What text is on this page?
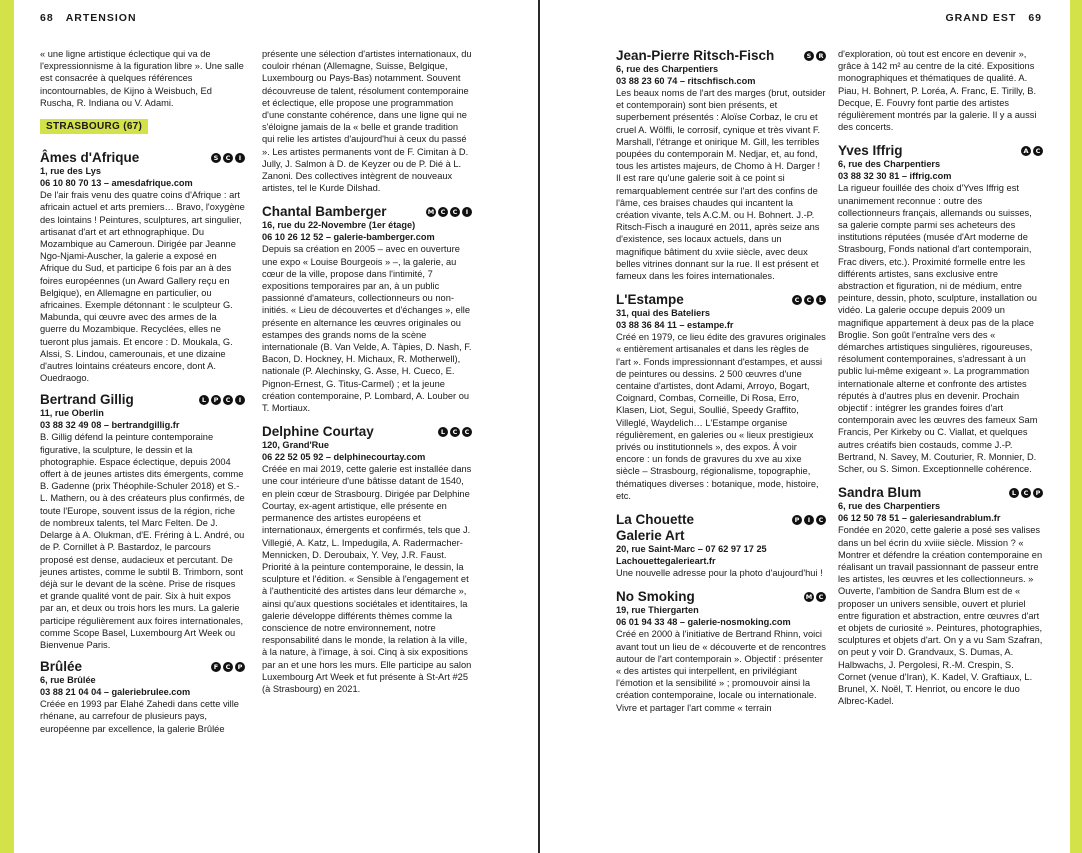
68 ARTENSION	GRAND EST 69

« une ligne artistique éclectique qui va de l'expressionnisme à la figuration libre ». Une salle est consacrée à quelques références incontournables, de Kijno à Weisbuch, Ed Ruscha, R. Indiana ou V. Adami.

STRASBOURG (67)
Âmes d'Afrique	S	C	I
1, rue des Lys
06 10 80 70 13 – amesdafrique.com

De l'air frais venu des quatre coins d'Afrique : art africain actuel et arts premiers… Bravo, l'oxygène des lointains ! Peintures, sculptures, art singulier, artisanat d'art et art ethnographique. Du Mozambique au Cameroun. Dirigée par Jeanne Ngo-Njami-Auscher, la galerie a exposé en Afrique du Sud, et participe 6 fois par an à des foires européennes (un Award Gallery reçu en Belgique), en Allemagne en particulier, ou africaines. Exemple détonnant : le sculpteur G. Mabunda, qui œuvre avec des armes de la guerre du Mozambique. Recyclées, elles ne tueront plus jamais. Et encore : D. Moukala, G. Alssi, S. Lindou, camerounais, et une dizaine d'autres lointains créateurs encore, dont A. Ouedraogo.

Bertrand Gillig	L	P	C	I
11, rue Oberlin
03 88 32 49 08 – bertrandgillig.fr

B. Gillig défend la peinture contemporaine figurative, la sculpture, le dessin et la photographie. Espace éclectique, depuis 2004 offert à de jeunes artistes dits émergents, comme B. Gadenne (prix Théophile-Schuler 2018) et S.-L. Mathern, ou à des créateurs plus confirmés, de toute l'Europe, souvent issus de la région, riche de nombreux talents, tel Marc Felten. De J. Delarge à A. Olukman, d'E. Fréring à L. André, ou de P. Cornillet à P. Bastardoz, le parcours proposé est dense, audacieux et percutant. De jeunes artistes, comme le subtil B. Trimborn, sont déjà sur le devant de la scène. Prise de risques et grande qualité vont de pair. Six à huit expos par an, et deux ou trois hors les murs. La galerie participe régulièrement aux foires internationales, comme Scope Basel, Luxembourg Art Week ou Bienvenue Paris.

Brûlée	F	C	P
6, rue Brûlée
03 88 21 04 04 – galeriebrulee.com

Créée en 1993 par Elahé Zahedi dans cette ville rhénane, au carrefour de plusieurs pays, européenne par excellence, la galerie Brûlée

présente une sélection d'artistes internationaux, du couloir rhénan (Allemagne, Suisse, Belgique, Luxembourg ou Pays-Bas) notamment. Souvent découvreuse de talent, résolument contemporaine et éclectique, elle propose une programmation d'une constante cohérence, dans une ligne qui ne s'éloigne jamais de la « belle et grande tradition qui relie les artistes d'aujourd'hui à ceux du passé ». Les artistes permanents vont de F. Cimitan à D. Jully, J. Salmon à D. de Keyzer ou de P. Dié à L. Zanoni. Des collectives intègrent de nouveaux artistes, tel le Kurde Dilshad.

Chantal Bamberger	M C	C	I
16, rue du 22-Novembre (1er étage)
06 10 26 12 52 – galerie-bamberger.com

Depuis sa création en 2005 – avec en ouverture une expo « Louise Bourgeois » –, la galerie, au cœur de la ville, propose dans l'intimité, 7 expositions temporaires par an, à un public passionné d'amateurs, collectionneurs ou non-initiés. « Lieu de découvertes et d'échanges », elle présente en alternance les œuvres originales ou estampes des grands noms de la scène internationale (B. Van Velde, A. Tàpies, D. Nash, F. Bacon, D. Hockney, H. Michaux, R. Motherwell), nationale (P. Alechinsky, G. Asse, H. Cueco, E. Pignon-Ernest, G. Titus-Carmel) ; et la jeune création contemporaine, P. Lombard, A. Louber ou T. Mortiaux.

Delphine Courtay	L	C	C
120, Grand'Rue
06 22 52 05 92 – delphinecourtay.com

Créée en mai 2019, cette galerie est installée dans une cour intérieure d'une bâtisse datant de 1540, en plein cœur de Strasbourg. Dirigée par Delphine Courtay, ex-agent artistique, elle présente en permanence des artistes européens et internationaux, émergents et confirmés, tels que J. Villegié, A. Katz, L. Impedugila, A. Radermacher-Mennicken, D. Deroubaix, Y. Vey, J.R. Faust. Priorité à la peinture contemporaine, le dessin, la sculpture et l'édition. « Sensible à l'engagement et à l'authenticité des artistes dans leur démarche », ainsi qu'aux questions sociétales et identitaires, la galerie développe différents thèmes comme la conscience de notre environnement, notre responsabilité dans le monde, la relation à la ville, à la nature, à l'image, à soi. Cinq à six expositions par an et une hors les murs. Elle participe au salon Luxembourg Art Week et fut présente à St-Art #25 (à Strasbourg) en 2021.

Jean-Pierre Ritsch-Fisch	S	R
6, rue des Charpentiers
03 88 23 60 74 – ritschfisch.com

Les beaux noms de l'art des marges (brut, outsider et contemporain) sont bien présents, et superbement présentés : Aloïse Corbaz, le cru et cruel A. Wölfli, le corrosif, cynique et très vivant F. Marshall, l'étrange et onirique M. Gill, les terribles poupées du contemporain M. Nedjar, et, au fond, tous les artistes majeurs, de Chomo à H. Darger ! Il est rare qu'une galerie soit à ce point si remarquablement centrée sur l'art des confins de l'âme, ces braises chaudes qui incantent la création vivante, tels A.C.M. ou H. Bohnert. J.-P. Ritsch-Fisch a inauguré en 2011, après seize ans d'existence, ses locaux actuels, dans un magnifique bâtiment du xviie siècle, avec deux belles vitrines donnant sur la rue. Il est présent et fameux dans les foires internationales.

L'Estampe	C	C	L
31, quai des Bateliers
03 88 36 84 11 – estampe.fr

Créé en 1979, ce lieu édite des gravures originales « entièrement artisanales et dans les règles de l'art ». Fonds impressionnant d'estampes, et aussi de peintures ou dessins. 2 500 œuvres d'une centaine d'artistes, dont Adami, Arroyo, Bogart, Coignard, Combas, Corneille, Di Rosa, Erro, Klasen, Liot, Segui, Soullié, Speedy Graffito, Villeglé, Waydelich… L'Estampe organise régulièrement, en galeries ou « lieux prestigieux privés ou institutionnels », des expos. À voir encore : un fonds de gravures du xve au xixe siècle – Strasbourg, régionalisme, topographie, thématiques diverses : botanique, mode, histoire, etc.

La Chouette
Galerie Art
P	I	C
20, rue Saint-Marc – 07 62 97 17 25
Lachouettegalerieart.fr

Une nouvelle adresse pour la photo d'aujourd'hui !

No Smoking	M C
19, rue Thiergarten
06 01 94 33 48 – galerie-nosmoking.com

Créé en 2000 à l'initiative de Bertrand Rhinn, voici avant tout un lieu de « découverte et de rencontres autour de l'art contemporain ». Objectif : présenter « des artistes qui interpellent, en privilégiant l'émotion et la sensibilité » ; promouvoir ainsi la création contemporaine, locale ou internationale. Vivre et partager l'art comme « terrain

d'exploration, où tout est encore en devenir », grâce à 142 m² au centre de la cité. Expositions monographiques et thématiques de qualité. A. Piau, H. Bohnert, P. Loréa, A. Franc, E. Tirilly, B. Decque, E. Fouvry font partie des artistes régulièrement montrés par la galerie. Il y a aussi des concerts.

Yves Iffrig	A	C
6, rue des Charpentiers
03 88 32 30 81 – iffrig.com

La rigueur fouillée des choix d'Yves Iffrig est unanimement reconnue : outre des collectionneurs français, allemands ou suisses, sa galerie compte parmi ses acheteurs des institutions réputées (musée d'Art moderne de Strasbourg, Fonds national d'art contemporain, Frac divers, etc.). Proximité formelle entre les différents artistes, sans exclusive entre abstraction et figuration, ni de médium, entre peinture, dessin, photo, sculpture, installation ou vidéo. La galerie occupe depuis 2009 un magnifique appartement à deux pas de la place Broglie. Son goût l'entraîne vers des « démarches artistiques singulières, rigoureuses, résolument contemporaines, s'adressant à un public lui-même exigeant ». La programmation internationale alterne et confronte des artistes réputés à d'autres plus en devenir. Prochain objectif : intégrer les grandes foires d'art contemporain avec les œuvres des fameux Sam Francis, Per Kirkeby ou C. Viallat, et quelques autres créatifs bien costauds, comme J.-P. Bertrand, N. Savey, M. Couturier, R. Monnier, D. Scher, ou S. Simon. Exceptionnelle cohérence.

Sandra Blum	L	C	P
6, rue des Charpentiers
06 12 50 78 51 – galeriesandrablum.fr

Fondée en 2020, cette galerie a posé ses valises dans un bel écrin du xviiie siècle. Mission ? « Montrer et défendre la création contemporaine en réalisant un travail passionnant de passeur entre les artistes, les œuvres et les collectionneurs. » Ouverte, l'ambition de Sandra Blum est de « proposer un univers sensible, ouvert et pluriel entre figuration et abstraction, entre œuvres d'art et objets de curiosité ». Peintures, photographies, sculptures et objets d'art. On y a vu Sam Szafran, on peut y voir D. Grandvaux, S. Dumas, A. Halbwachs, J. Pergolesi, R.-M. Crespin, S. Cornet (venue d'Iran), K. Kadel, V. Graftiaux, L. Brunel, X. Noël, T. Henriot, ou encore le duo Albrec-Kadel.
